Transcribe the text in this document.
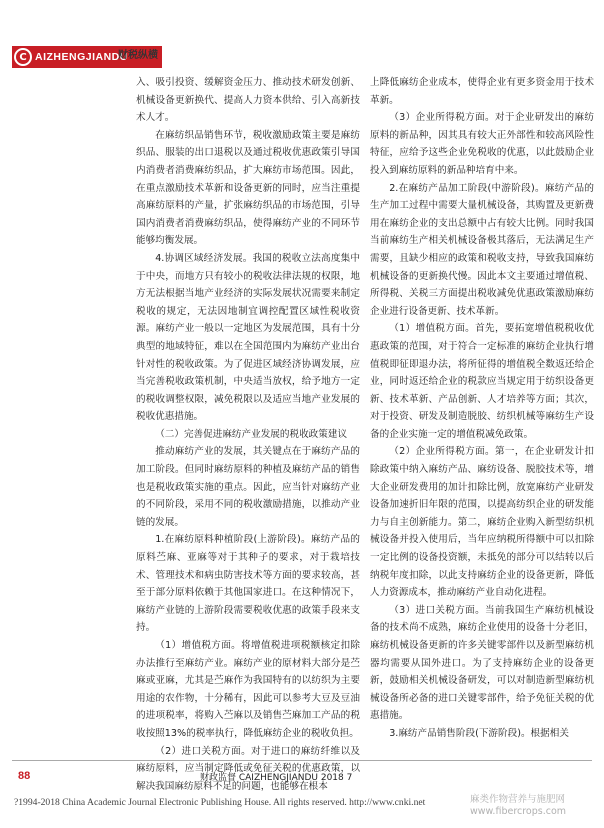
C AIZHENGJIANDU
财税纵横

入、吸引投资、缓解资金压力、推动技术研发创新、机械设备更新换代、提高人力资本供给、引入高新技术人才。

在麻纺织品销售环节，税收激励政策主要是麻纺织品、服装的出口退税以及通过税收优惠政策引导国内消费者消费麻纺织品，扩大麻纺市场范围。因此，在重点激励技术革新和设备更新的同时，应当注重提高麻纺原料的产量，扩张麻纺织品的市场范围，引导国内消费者消费麻纺织品，使得麻纺产业的不同环节能够均衡发展。

4.协调区域经济发展。我国的税收立法高度集中于中央，而地方只有较小的税收法律法规的权限，地方无法根据当地产业经济的实际发展状况需要来制定税收的规定，无法因地制宜调控配置区域性税收资源。麻纺产业一般以一定地区为发展范围，具有十分典型的地域特征，难以在全国范围内为麻纺产业出台针对性的税收政策。为了促进区域经济协调发展，应当完善税收政策机制，中央适当放权，给予地方一定的税收调整权限，减免税限以及适应当地产业发展的税收优惠措施。

（二）完善促进麻纺产业发展的税收政策建议

推动麻纺产业的发展，其关键点在于麻纺产品的加工阶段。但同时麻纺原料的种植及麻纺产品的销售也是税收政策实施的重点。因此，应当针对麻纺产业的不同阶段，采用不同的税收激励措施，以推动产业链的发展。

1.在麻纺原料种植阶段(上游阶段)。麻纺产品的原料苎麻、亚麻等对于其种子的要求，对于栽培技术、管理技术和病虫防害技术等方面的要求较高，甚至于部分原料依赖于其他国家进口。在这种情况下，麻纺产业链的上游阶段需要税收优惠的政策手段来支持。

（1）增值税方面。将增值税进项税额核定扣除办法推行至麻纺产业。麻纺产业的原材料大部分是苎麻或亚麻，尤其是苎麻作为我国特有的以纺织为主要用途的农作物，十分稀有，因此可以参考大豆及豆油的进项税率，将购入苎麻以及销售苎麻加工产品的税收按照13%的税率执行，降低麻纺企业的税收负担。

（2）进口关税方面。对于进口的麻纺纤维以及麻纺原料，应当制定降低或免征关税的优惠政策，以解决我国麻纺原料不足的问题，也能够在根本

上降低麻纺企业成本，使得企业有更多资金用于技术革新。

（3）企业所得税方面。对于企业研发出的麻纺原料的新品种，因其具有较大正外部性和较高风险性特征，应给予这些企业免税收的优惠，以此鼓励企业投入到麻纺原料的新品种培育中来。

2.在麻纺产品加工阶段(中游阶段)。麻纺产品的生产加工过程中需要大量机械设备，其购置及更新费用在麻纺企业的支出总额中占有较大比例。同时我国当前麻纺生产相关机械设备极其落后，无法满足生产需要，且缺少相应的政策和税收支持，导致我国麻纺机械设备的更新换代慢。因此本文主要通过增值税、所得税、关税三方面提出税收减免优惠政策激励麻纺企业进行设备更新、技术革新。

（1）增值税方面。首先，要拓宽增值税税收优惠政策的范围，对于符合一定标准的麻纺企业执行增值税即征即退办法，将所征得的增值税全数返还给企业，同时返还给企业的税款应当规定用于纺织设备更新、技术革新、产品创新、人才培养等方面；其次，对于投资、研发及制造脱胶、纺织机械等麻纺生产设备的企业实施一定的增值税减免政策。

（2）企业所得税方面。第一，在企业研发计扣除政策中纳入麻纺产品、麻纺设备、脱胶技术等，增大企业研发费用的加计扣除比例，放宽麻纺产业研发设备加速折旧年限的范围，以提高纺织企业的研发能力与自主创新能力。第二，麻纺企业购入新型纺织机械设备并投入使用后，当年应纳税所得额中可以扣除一定比例的设备投资额，未抵免的部分可以结转以后纳税年度扣除，以此支持麻纺企业的设备更新，降低人力资源成本，推动麻纺产业自动化进程。

（3）进口关税方面。当前我国生产麻纺机械设备的技术尚不成熟，麻纺企业使用的设备十分老旧，麻纺机械设备更新的许多关键零部件以及新型麻纺机器均需要从国外进口。为了支持麻纺企业的设备更新，鼓励相关机械设备研发，可以对制造新型麻纺机械设备所必备的进口关键零部件，给予免征关税的优惠措施。

3.麻纺产品销售阶段(下游阶段)。根据相关

88	财政监督 CAIZHENGJIANDU 2018 7
?1994-2018 China Academic Journal Electronic Publishing House. All rights reserved. http://www.cnki.net	麻类作物营养与施肥网
www.fibercrops.com
